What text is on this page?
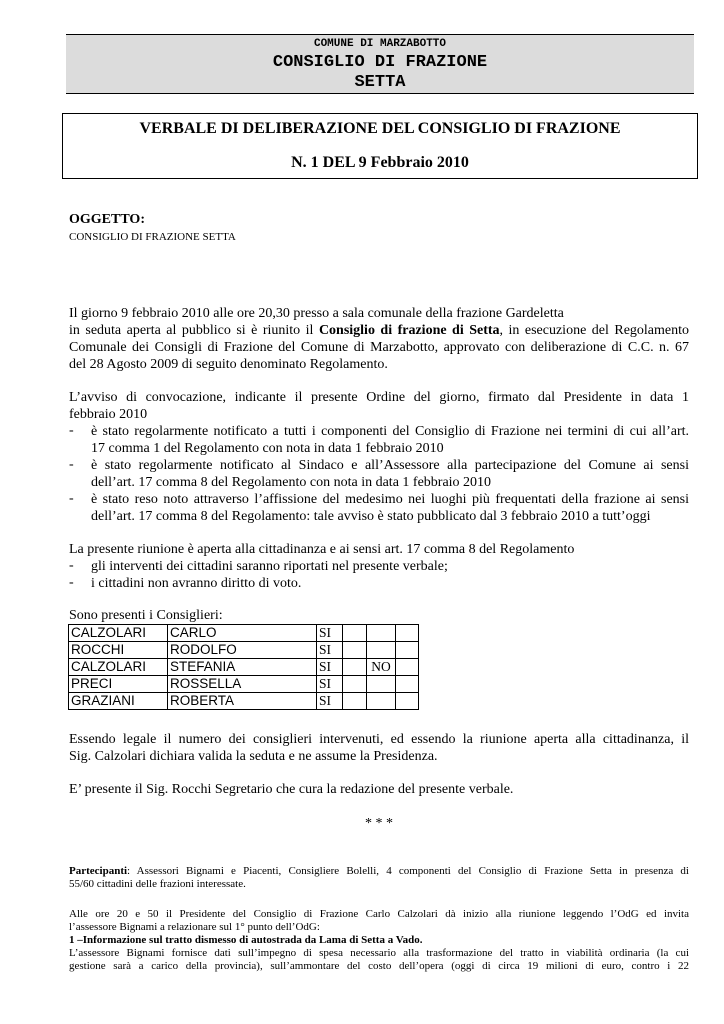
COMUNE DI MARZABOTTO
CONSIGLIO DI FRAZIONE
SETTA
VERBALE DI DELIBERAZIONE DEL CONSIGLIO DI FRAZIONE
N. 1 DEL 9 Febbraio 2010
OGGETTO:
CONSIGLIO DI FRAZIONE SETTA
Il giorno 9 febbraio 2010 alle ore 20,30 presso a sala comunale della frazione Gardeletta
in seduta aperta al pubblico si è riunito il Consiglio di frazione di Setta, in esecuzione del Regolamento
Comunale dei Consigli di Frazione del Comune di Marzabotto, approvato con deliberazione di C.C. n. 67
del 28 Agosto 2009 di seguito denominato Regolamento.
L’avviso di convocazione, indicante il presente Ordine del giorno, firmato dal Presidente in data 1
febbraio 2010
- è stato regolarmente notificato a tutti i componenti del Consiglio di Frazione nei termini di cui all’art.
17 comma 1 del Regolamento con nota in data 1 febbraio 2010
- è stato regolarmente notificato al Sindaco e all’Assessore alla partecipazione del Comune ai sensi
dell’art. 17 comma 8 del Regolamento con nota in data 1 febbraio 2010
- è stato reso noto attraverso l’affissione del medesimo nei luoghi più frequentati della frazione ai sensi
dell’art. 17 comma 8 del Regolamento: tale avviso è stato pubblicato dal 3 febbraio 2010 a tutt’oggi
La presente riunione è aperta alla cittadinanza e ai sensi art. 17 comma 8 del Regolamento
- gli interventi dei cittadini saranno riportati nel presente verbale;
- i cittadini non avranno diritto di voto.
Sono presenti i Consiglieri:
CALZOLARI	CARLO	SI			
ROCCHI	RODOLFO	SI			
CALZOLARI	STEFANIA	SI		NO	
PRECI	ROSSELLA	SI			
GRAZIANI	ROBERTA	SI			
Essendo legale il numero dei consiglieri intervenuti, ed essendo la riunione aperta alla cittadinanza, il
Sig. Calzolari dichiara valida la seduta e ne assume la Presidenza.
E’ presente il Sig. Rocchi Segretario che cura la redazione del presente verbale.
* * *
Partecipanti: Assessori Bignami e Piacenti, Consigliere Bolelli, 4 componenti del Consiglio di Frazione Setta in presenza di
55/60 cittadini delle frazioni interessate.
Alle ore 20 e 50 il Presidente del Consiglio di Frazione Carlo Calzolari dà inizio alla riunione leggendo l’OdG ed invita
l’assessore Bignami a relazionare sul 1° punto dell’OdG:
1 –Informazione sul tratto dismesso di autostrada da Lama di Setta a Vado.
L’assessore Bignami fornisce dati sull’impegno di spesa necessario alla trasformazione del tratto in viabilità ordinaria (la cui
gestione sarà a carico della provincia), sull’ammontare del costo dell’opera (oggi di circa 19 milioni di euro, contro i 22
